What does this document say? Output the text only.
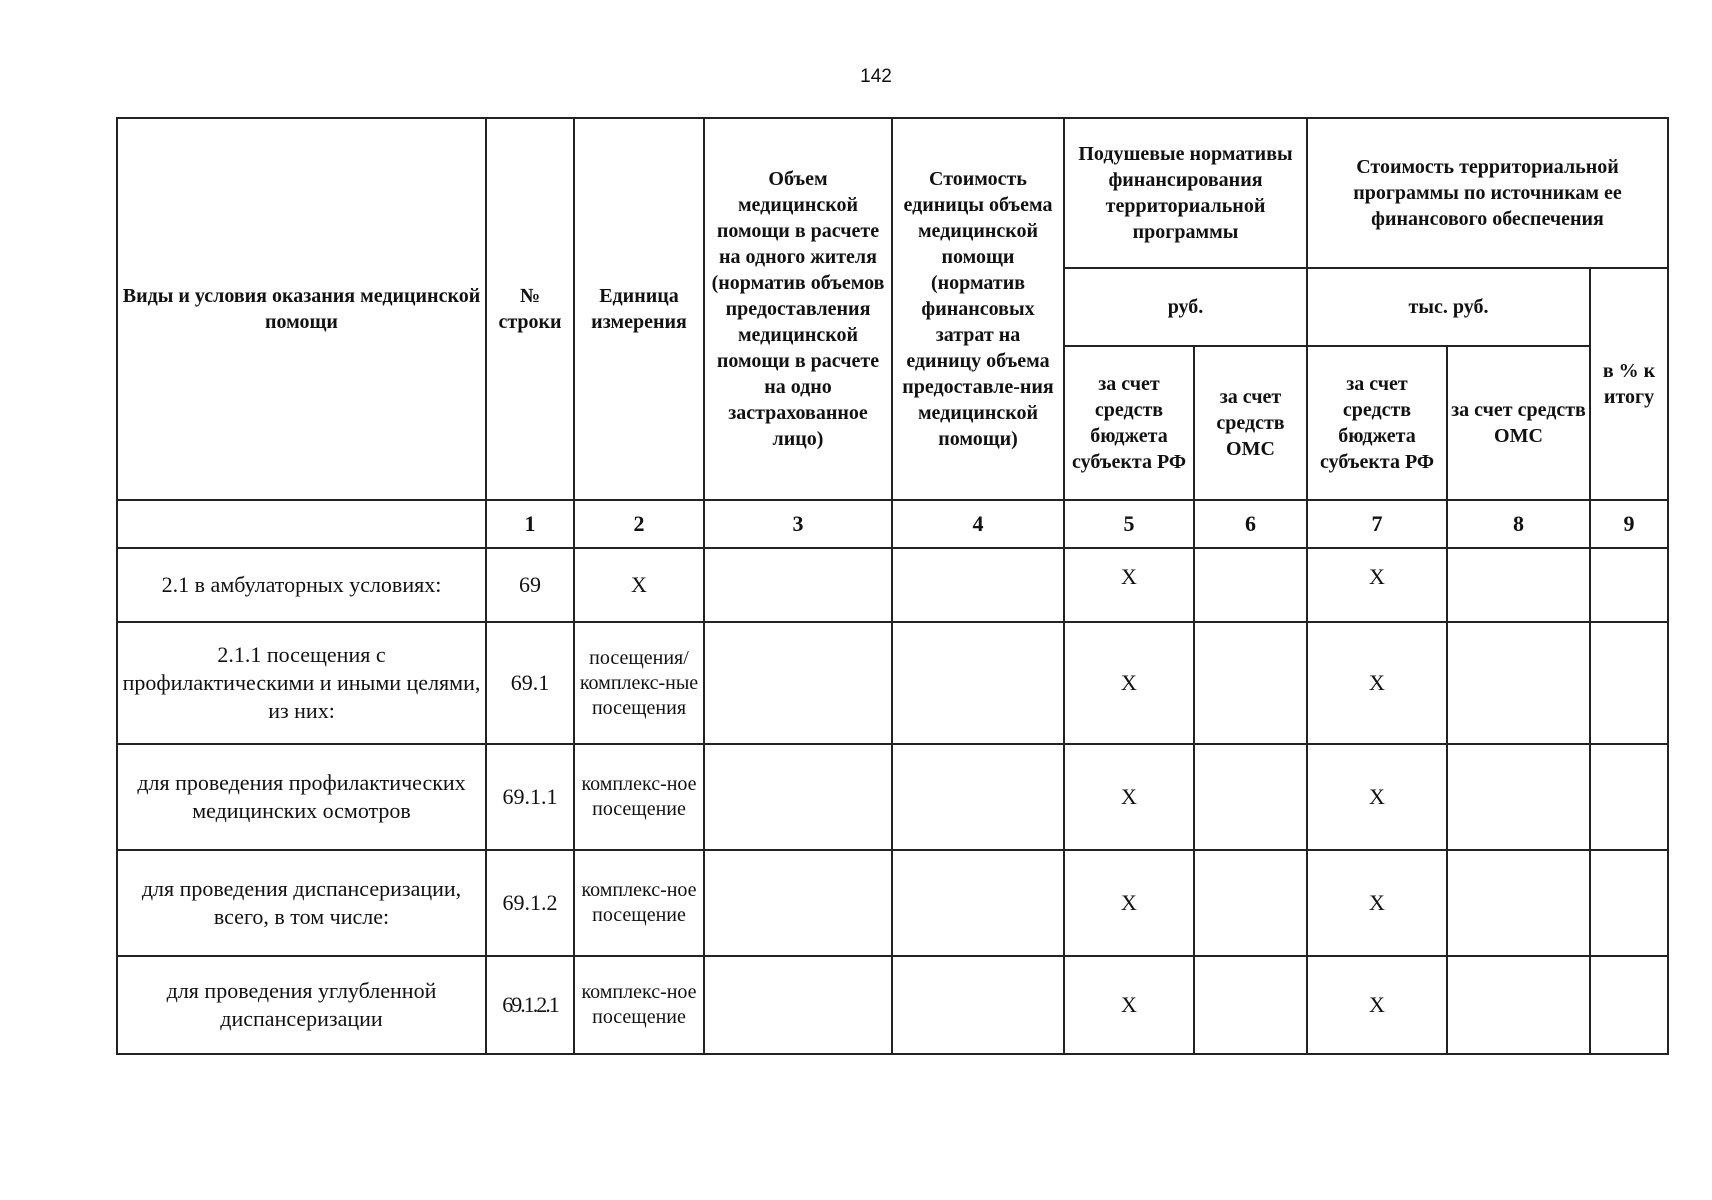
142
Виды и условия оказания медицинской помощи	№ строки	Единица измерения	Объем медицинской помощи в расчете на одного жителя (норматив объемов предоставления медицинской помощи в расчете на одно застрахованное лицо)	Стоимость единицы объема медицинской помощи (норматив финансовых затрат на единицу объема предоставле-ния медицинской помощи)	Подушевые нормативы финансирования территориальной программы		Стоимость территориальной программы по источникам ее финансового обеспечения		
					руб.		тыс. руб.		в % к итогу
					за счет средств бюджета субъекта РФ	за счет средств ОМС	за счет средств бюджета субъекта РФ	за счет средств ОМС	
	1	2	3	4	5	6	7	8	9
2.1 в амбулаторных условиях:	69	Х			Х		Х		
2.1.1 посещения с профилактическими и иными целями, из них:	69.1	посещения/ комплекс-ные посещения			Х		Х		
для проведения профилактических медицинских осмотров	69.1.1	комплекс-ное посещение			Х		Х		
для проведения диспансеризации, всего, в том числе:	69.1.2	комплекс-ное посещение			Х		Х		
для проведения углубленной диспансеризации	69.1.2.1	комплекс-ное посещение			Х		Х		
